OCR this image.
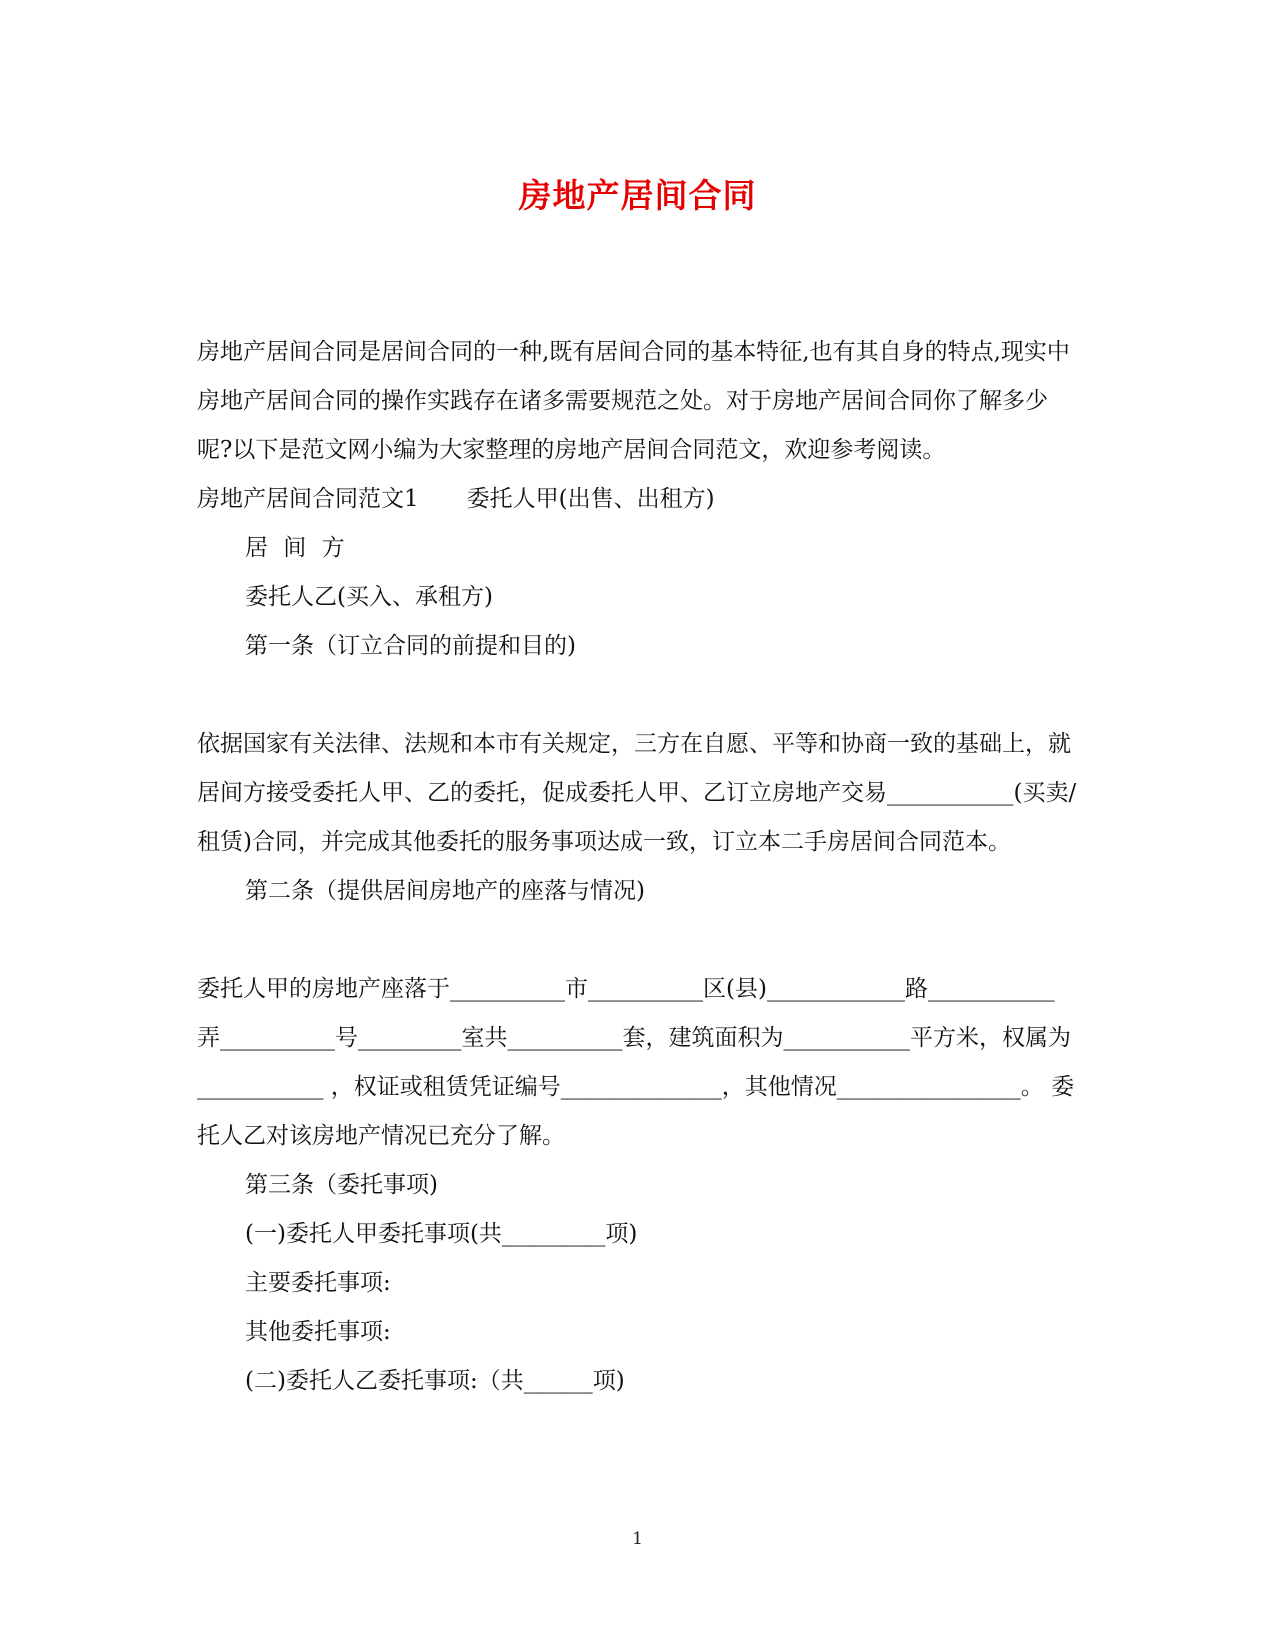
房地产居间合同

房地产居间合同是居间合同的一种,既有居间合同的基本特征,也有其自身的特点,现实中房地产居间合同的操作实践存在诸多需要规范之处。对于房地产居间合同你了解多少呢?以下是范文网小编为大家整理的房地产居间合同范文，欢迎参考阅读。

房地产居间合同范文1 委托人甲(出售、出租方)

居 间 方

委托人乙(买入、承租方)

第一条（订立合同的前提和目的)

依据国家有关法律、法规和本市有关规定，三方在自愿、平等和协商一致的基础上，就居间方接受委托人甲、乙的委托，促成委托人甲、乙订立房地产交易___________(买卖/租赁)合同，并完成其他委托的服务事项达成一致，订立本二手房居间合同范本。

第二条（提供居间房地产的座落与情况)

委托人甲的房地产座落于__________市__________区(县)____________路___________弄__________号_________室共__________套，建筑面积为___________平方米，权属为___________ ，权证或租赁凭证编号______________，其他情况________________。 委托人乙对该房地产情况已充分了解。

第三条（委托事项)

(一)委托人甲委托事项(共_________项)

主要委托事项:

其他委托事项:

(二)委托人乙委托事项:（共______项)

1
